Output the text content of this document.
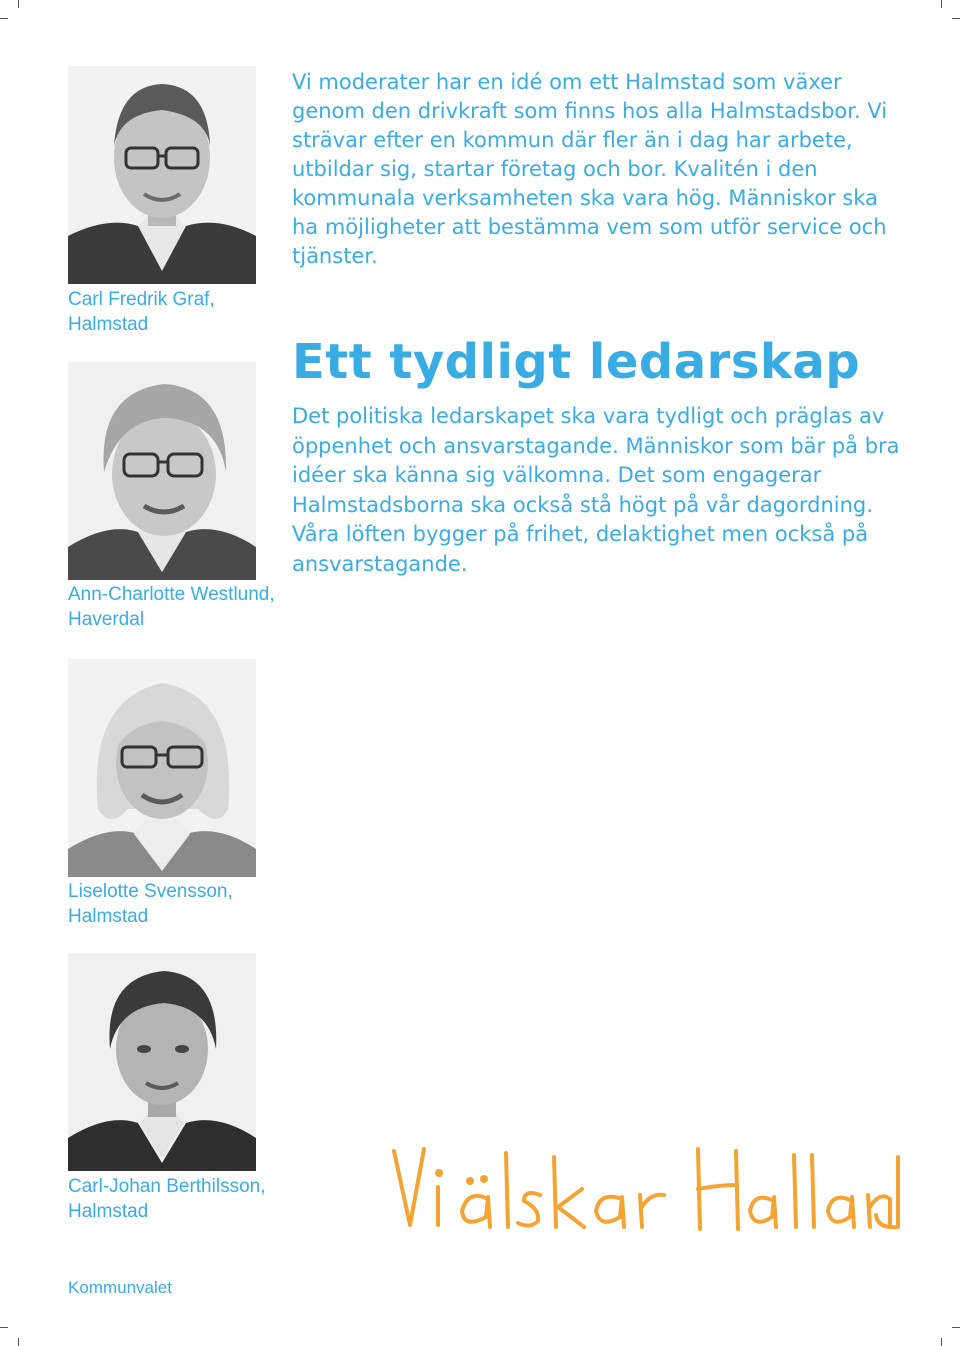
Carl Fredrik Graf,
Halmstad
Ann-Charlotte Westlund,
Haverdal
Liselotte Svensson,
Halmstad
Carl-Johan Berthilsson,
Halmstad
Vi moderater har en idé om ett Halmstad som växer genom den drivkraft som finns hos alla Halmstadsbor. Vi strävar efter en kommun där fler än i dag har arbete, utbildar sig, startar företag och bor. Kvalitén i den kommunala verksamheten ska vara hög. Människor ska ha möjligheter att bestämma vem som utför service och tjänster.
Ett tydligt ledarskap
Det politiska ledarskapet ska vara tydligt och präglas av öppenhet och ansvarstagande. Människor som bär på bra idéer ska känna sig välkomna. Det som engagerar Halmstadsborna ska också stå högt på vår dagordning. Våra löften bygger på frihet, delaktighet men också på ansvarstagande.
Kommunvalet
